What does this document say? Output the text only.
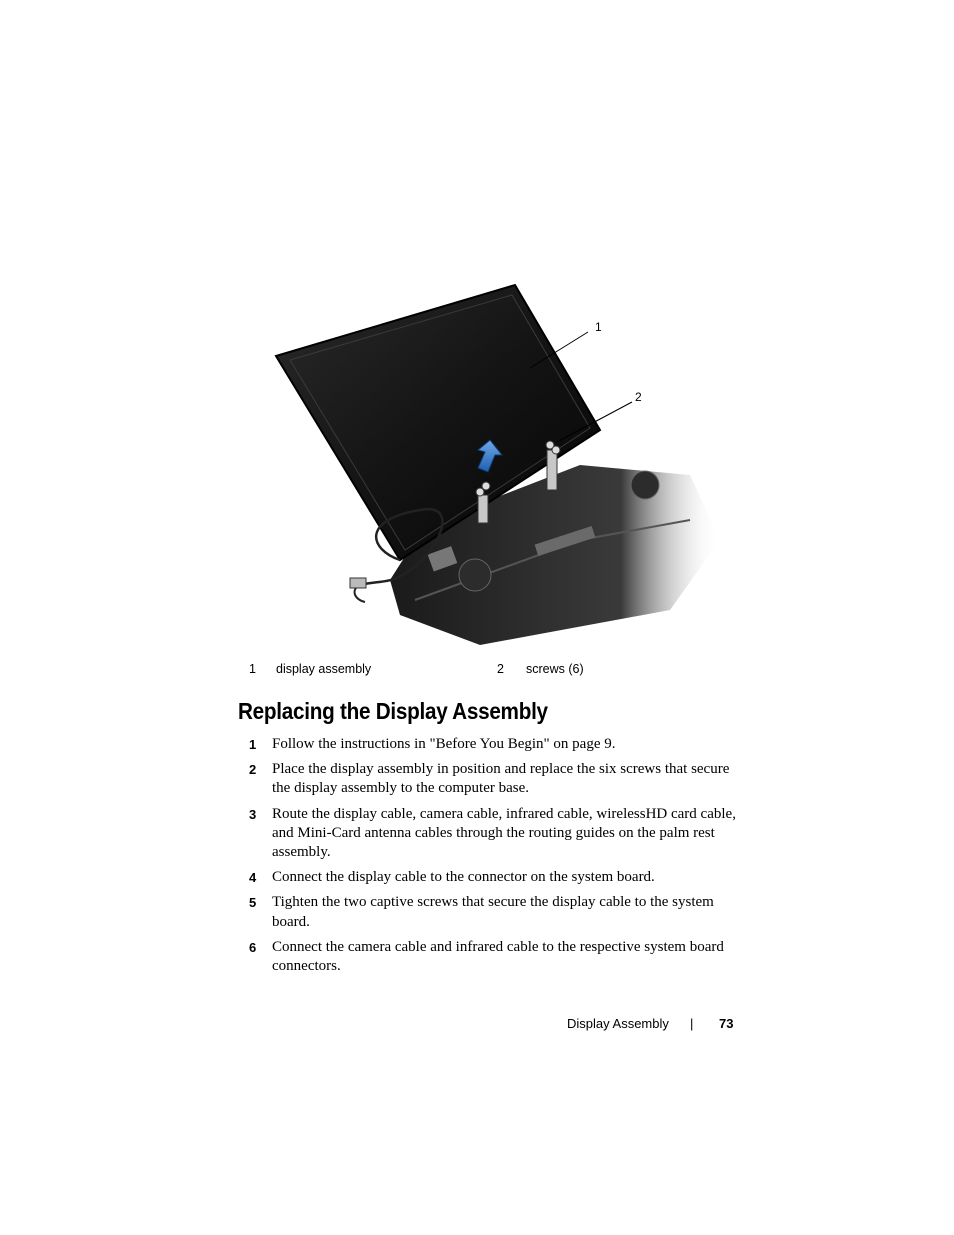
1
2
1 display assembly	2 screws (6)
Replacing the Display Assembly
1 Follow the instructions in "Before You Begin" on page 9.
2 Place the display assembly in position and replace the six screws that secure the display assembly to the computer base.
3 Route the display cable, camera cable, infrared cable, wirelessHD card cable, and Mini-Card antenna cables through the routing guides on the palm rest assembly.
4 Connect the display cable to the connector on the system board.
5 Tighten the two captive screws that secure the display cable to the system board.
6 Connect the camera cable and infrared cable to the respective system board connectors.
Display Assembly | 73
